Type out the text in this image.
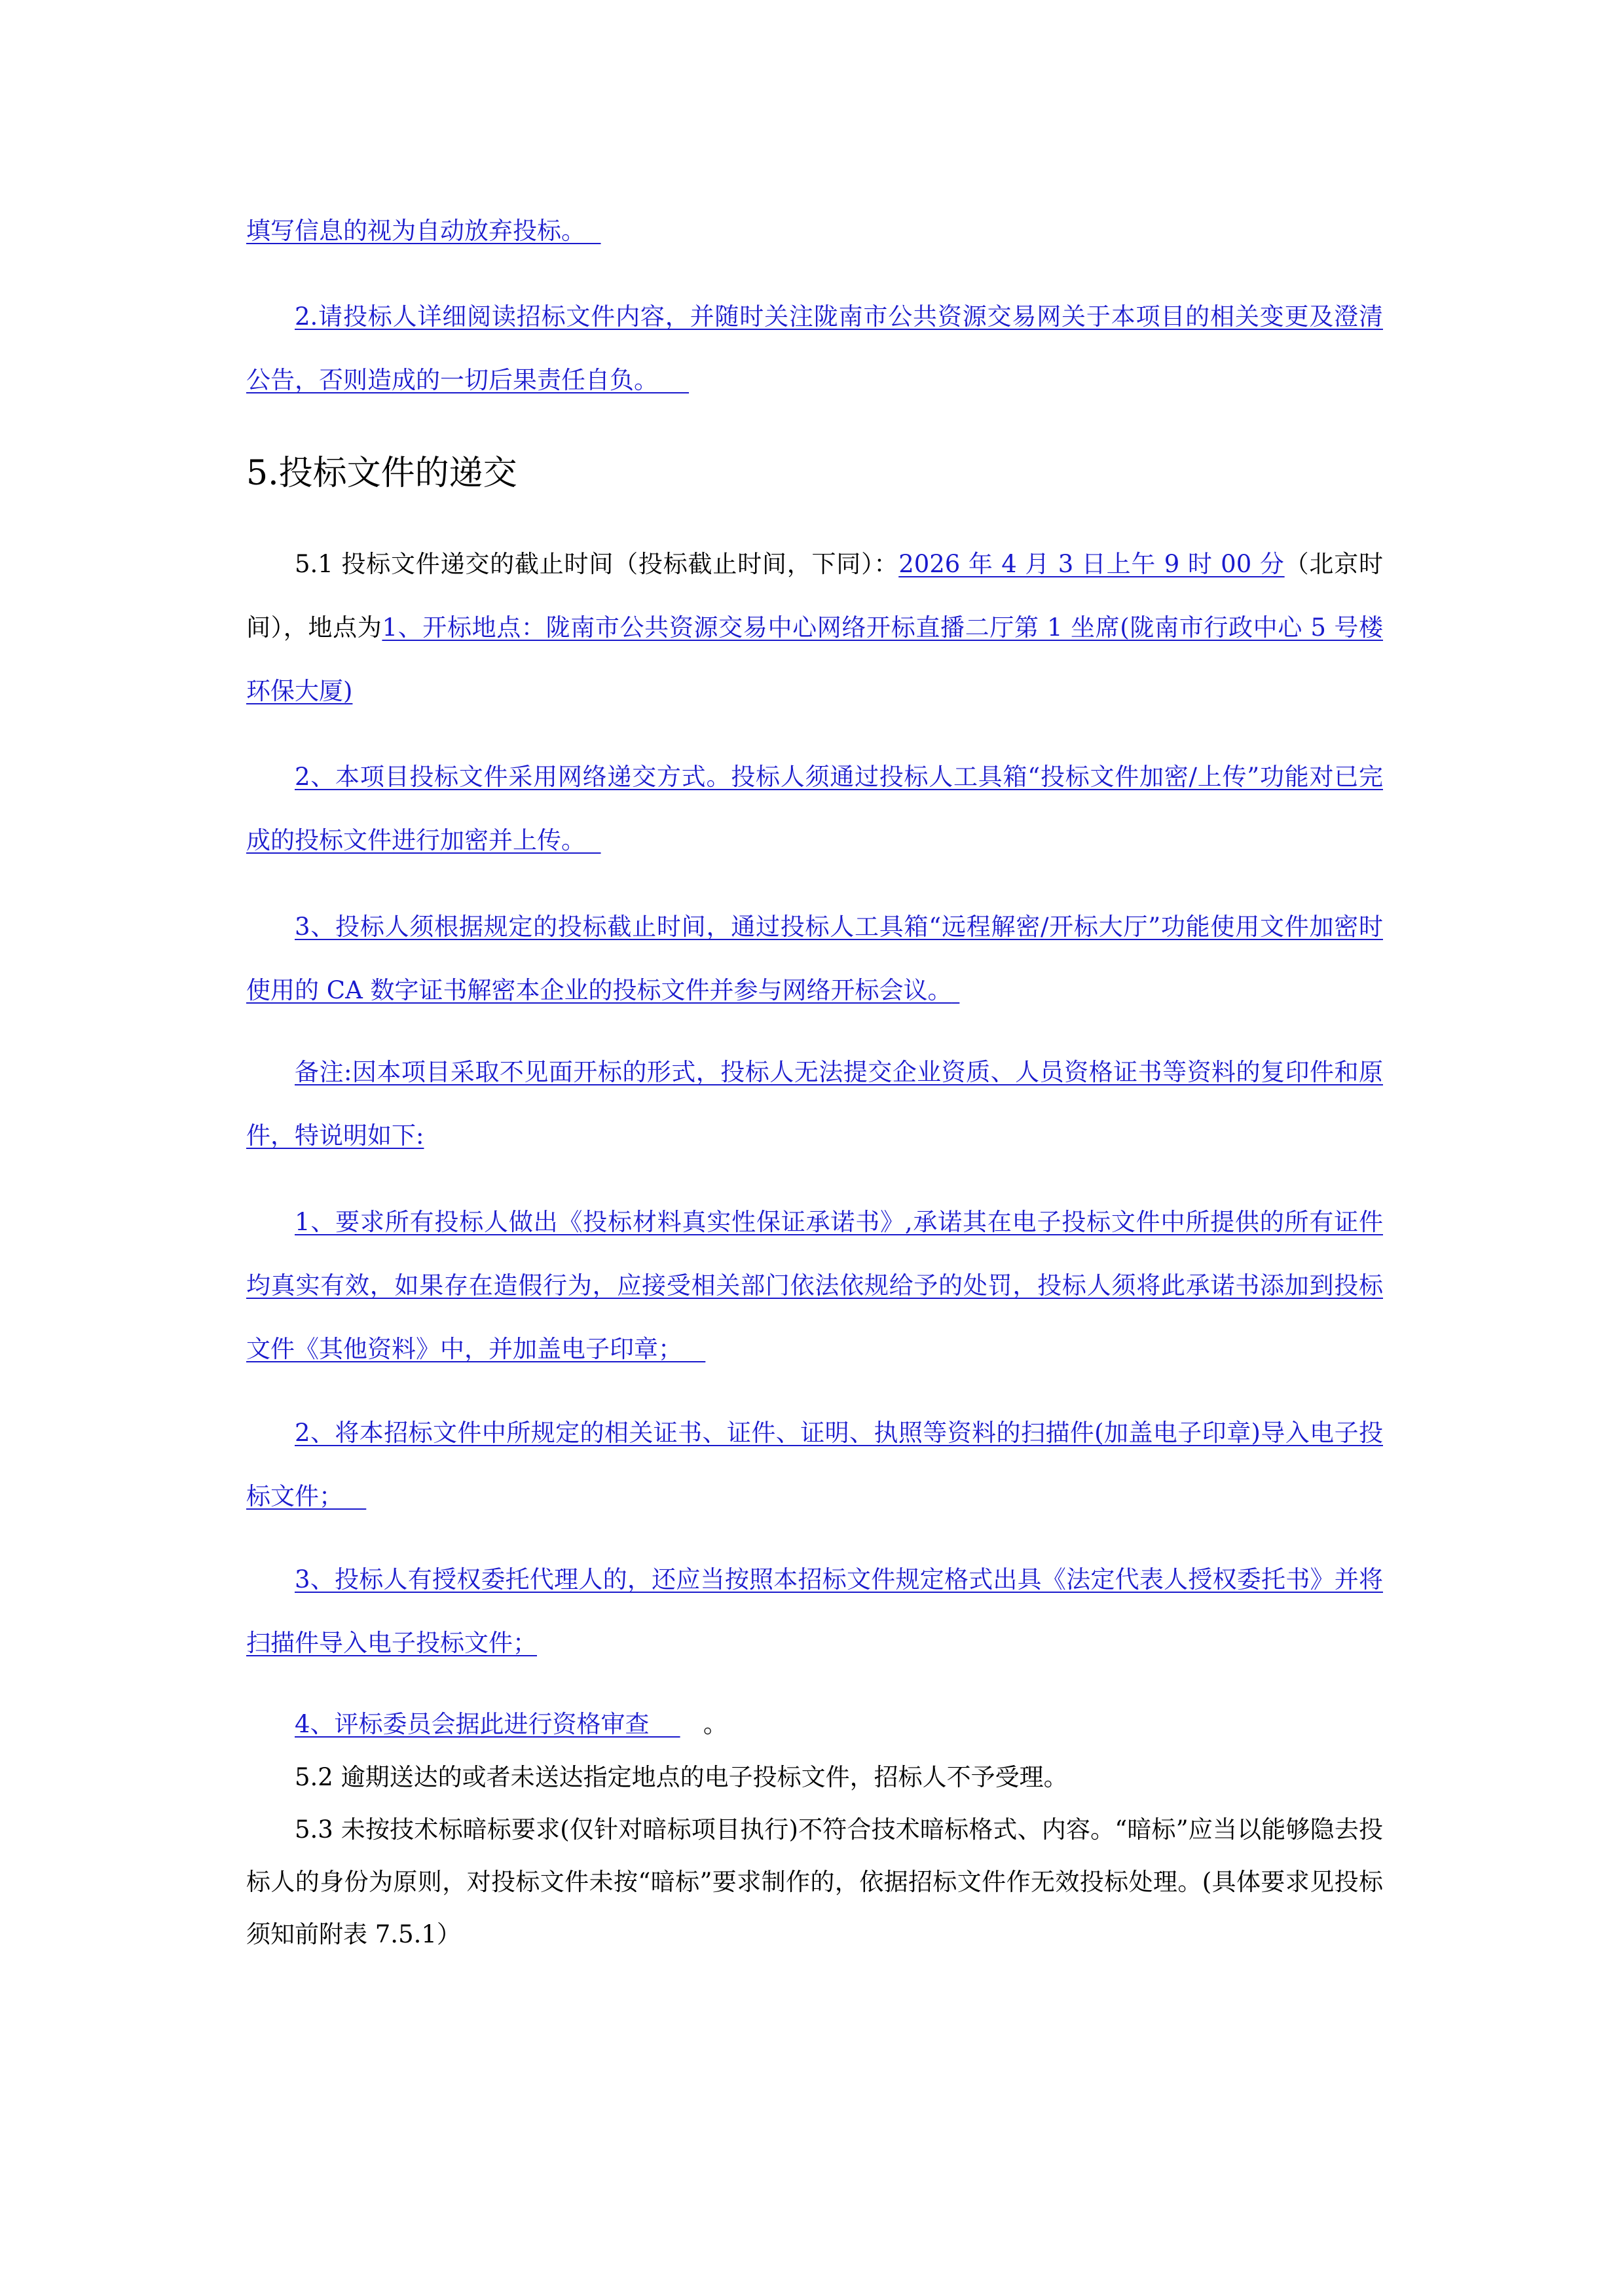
填写信息的视为自动放弃投标。
2.请投标人详细阅读招标文件内容，并随时关注陇南市公共资源交易网关于本项目的相关变更及澄清公告，否则造成的一切后果责任自负。
5.投标文件的递交
5.1 投标文件递交的截止时间（投标截止时间，下同）：2026 年 4 月 3 日上午 9 时 00 分（北京时间），地点为1、开标地点：陇南市公共资源交易中心网络开标直播二厅第 1 坐席(陇南市行政中心 5 号楼环保大厦)
2、本项目投标文件采用网络递交方式。投标人须通过投标人工具箱“投标文件加密/上传”功能对已完成的投标文件进行加密并上传。
3、投标人须根据规定的投标截止时间，通过投标人工具箱“远程解密/开标大厅”功能使用文件加密时使用的 CA 数字证书解密本企业的投标文件并参与网络开标会议。
备注:因本项目采取不见面开标的形式，投标人无法提交企业资质、人员资格证书等资料的复印件和原件，特说明如下:
1、要求所有投标人做出《投标材料真实性保证承诺书》,承诺其在电子投标文件中所提供的所有证件均真实有效，如果存在造假行为，应接受相关部门依法依规给予的处罚，投标人须将此承诺书添加到投标文件《其他资料》中，并加盖电子印章；
2、将本招标文件中所规定的相关证书、证件、证明、执照等资料的扫描件(加盖电子印章)导入电子投标文件；
3、投标人有授权委托代理人的，还应当按照本招标文件规定格式出具《法定代表人授权委托书》并将扫描件导入电子投标文件；
4、评标委员会据此进行资格审查 。
5.2 逾期送达的或者未送达指定地点的电子投标文件，招标人不予受理。
5.3 未按技术标暗标要求(仅针对暗标项目执行)不符合技术暗标格式、内容。“暗标”应当以能够隐去投标人的身份为原则，对投标文件未按“暗标”要求制作的，依据招标文件作无效投标处理。(具体要求见投标须知前附表 7.5.1）
